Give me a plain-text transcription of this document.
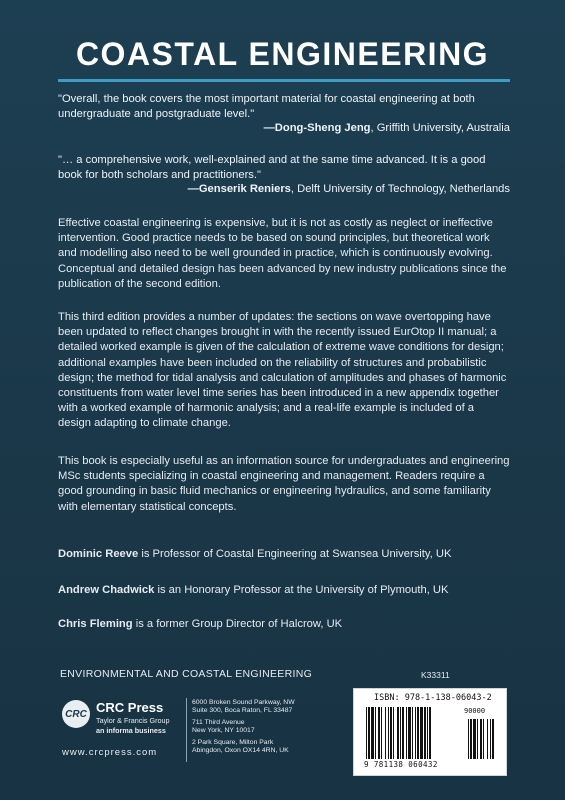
COASTAL ENGINEERING
"Overall, the book covers the most important material for coastal engineering at both undergraduate and postgraduate level."
—Dong-Sheng Jeng, Griffith University, Australia
"… a comprehensive work, well-explained and at the same time advanced. It is a good book for both scholars and practitioners."
—Genserik Reniers, Delft University of Technology, Netherlands
Effective coastal engineering is expensive, but it is not as costly as neglect or ineffective intervention. Good practice needs to be based on sound principles, but theoretical work and modelling also need to be well grounded in practice, which is continuously evolving. Conceptual and detailed design has been advanced by new industry publications since the publication of the second edition.
This third edition provides a number of updates: the sections on wave overtopping have been updated to reflect changes brought in with the recently issued EurOtop II manual; a detailed worked example is given of the calculation of extreme wave conditions for design; additional examples have been included on the reliability of structures and probabilistic design; the method for tidal analysis and calculation of amplitudes and phases of harmonic constituents from water level time series has been introduced in a new appendix together with a worked example of harmonic analysis; and a real-life example is included of a design adapting to climate change.
This book is especially useful as an information source for undergraduates and engineering MSc students specializing in coastal engineering and management. Readers require a good grounding in basic fluid mechanics or engineering hydraulics, and some familiarity with elementary statistical concepts.
Dominic Reeve is Professor of Coastal Engineering at Swansea University, UK
Andrew Chadwick is an Honorary Professor at the University of Plymouth, UK
Chris Fleming is a former Group Director of Halcrow, UK
ENVIRONMENTAL AND COASTAL ENGINEERING	K33311
CRC CRC Press
Taylor & Francis Group
an informa business
www.crcpress.com
6000 Broken Sound Parkway, NW
Suite 300, Boca Raton, FL 33487
711 Third Avenue
New York, NY 10017
2 Park Square, Milton Park
Abingdon, Oxon OX14 4RN, UK
ISBN: 978-1-138-06043-2
90000
9 781138 060432
